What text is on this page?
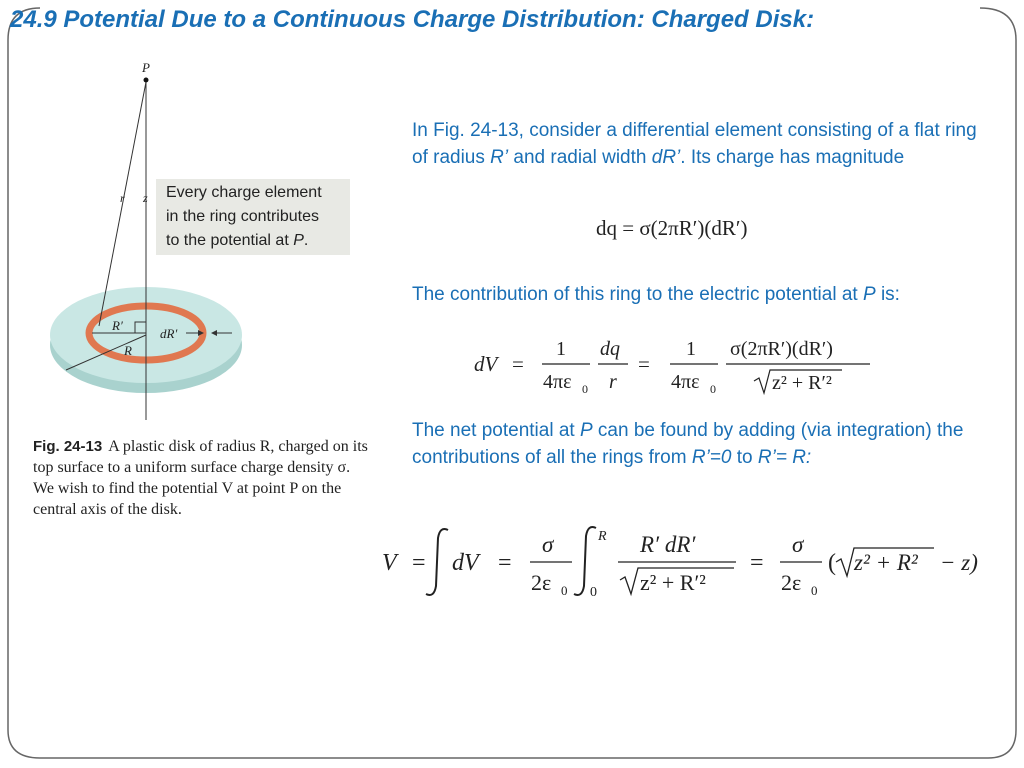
24.9 Potential Due to a Continuous Charge Distribution: Charged Disk:
P
r z
R′
dR′
R
Every charge element
in the ring contributes
to the potential at P.
Fig. 24-13 A plastic disk of radius R, charged on its top surface to a uniform surface charge density σ. We wish to find the potential V at point P on the central axis of the disk.
In Fig. 24-13, consider a differential element consisting of a flat ring of radius R’ and radial width dR’. Its charge has magnitude
dq = σ(2πR′)(dR′)
The contribution of this ring to the electric potential at P is:
dV =
1
4πε 0
dq
r
=
1
4πε 0
σ(2πR′)(dR′)
z² + R′²
The net potential at P can be found by adding (via integration) the contributions of all the rings from R’=0 to R’= R:
V = dV =
σ
2ε 0
R
0
R′ dR′
z² + R′²
=
σ
2ε 0
( z² + R² − z)
